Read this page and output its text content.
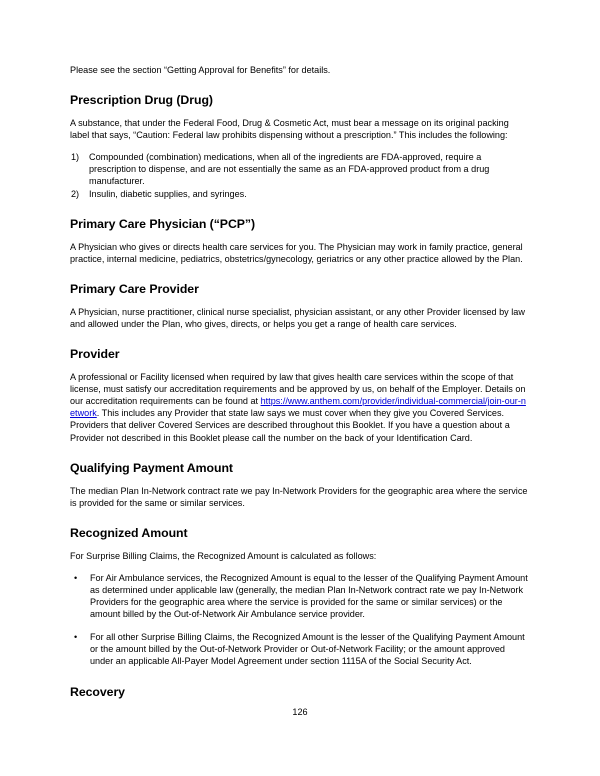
Please see the section “Getting Approval for Benefits” for details.

Prescription Drug (Drug)

A substance, that under the Federal Food, Drug & Cosmetic Act, must bear a message on its original packing label that says, “Caution: Federal law prohibits dispensing without a prescription.” This includes the following:

1) Compounded (combination) medications, when all of the ingredients are FDA-approved, require a prescription to dispense, and are not essentially the same as an FDA-approved product from a drug manufacturer.
2) Insulin, diabetic supplies, and syringes.
Primary Care Physician (“PCP”)

A Physician who gives or directs health care services for you. The Physician may work in family practice, general practice, internal medicine, pediatrics, obstetrics/gynecology, geriatrics or any other practice allowed by the Plan.

Primary Care Provider

A Physician, nurse practitioner, clinical nurse specialist, physician assistant, or any other Provider licensed by law and allowed under the Plan, who gives, directs, or helps you get a range of health care services.

Provider

A professional or Facility licensed when required by law that gives health care services within the scope of that license, must satisfy our accreditation requirements and be approved by us, on behalf of the Employer. Details on our accreditation requirements can be found at https://www.anthem.com/provider/individual-commercial/join-our-network. This includes any Provider that state law says we must cover when they give you Covered Services. Providers that deliver Covered Services are described throughout this Booklet. If you have a question about a Provider not described in this Booklet please call the number on the back of your Identification Card.

Qualifying Payment Amount

The median Plan In-Network contract rate we pay In-Network Providers for the geographic area where the service is provided for the same or similar services.

Recognized Amount

For Surprise Billing Claims, the Recognized Amount is calculated as follows:

• For Air Ambulance services, the Recognized Amount is equal to the lesser of the Qualifying Payment Amount as determined under applicable law (generally, the median Plan In-Network contract rate we pay In-Network Providers for the geographic area where the service is provided for the same or similar services) or the amount billed by the Out-of-Network Air Ambulance service provider.
• For all other Surprise Billing Claims, the Recognized Amount is the lesser of the Qualifying Payment Amount or the amount billed by the Out-of-Network Provider or Out-of-Network Facility; or the amount approved under an applicable All-Payer Model Agreement under section 1115A of the Social Security Act.
Recovery
126
